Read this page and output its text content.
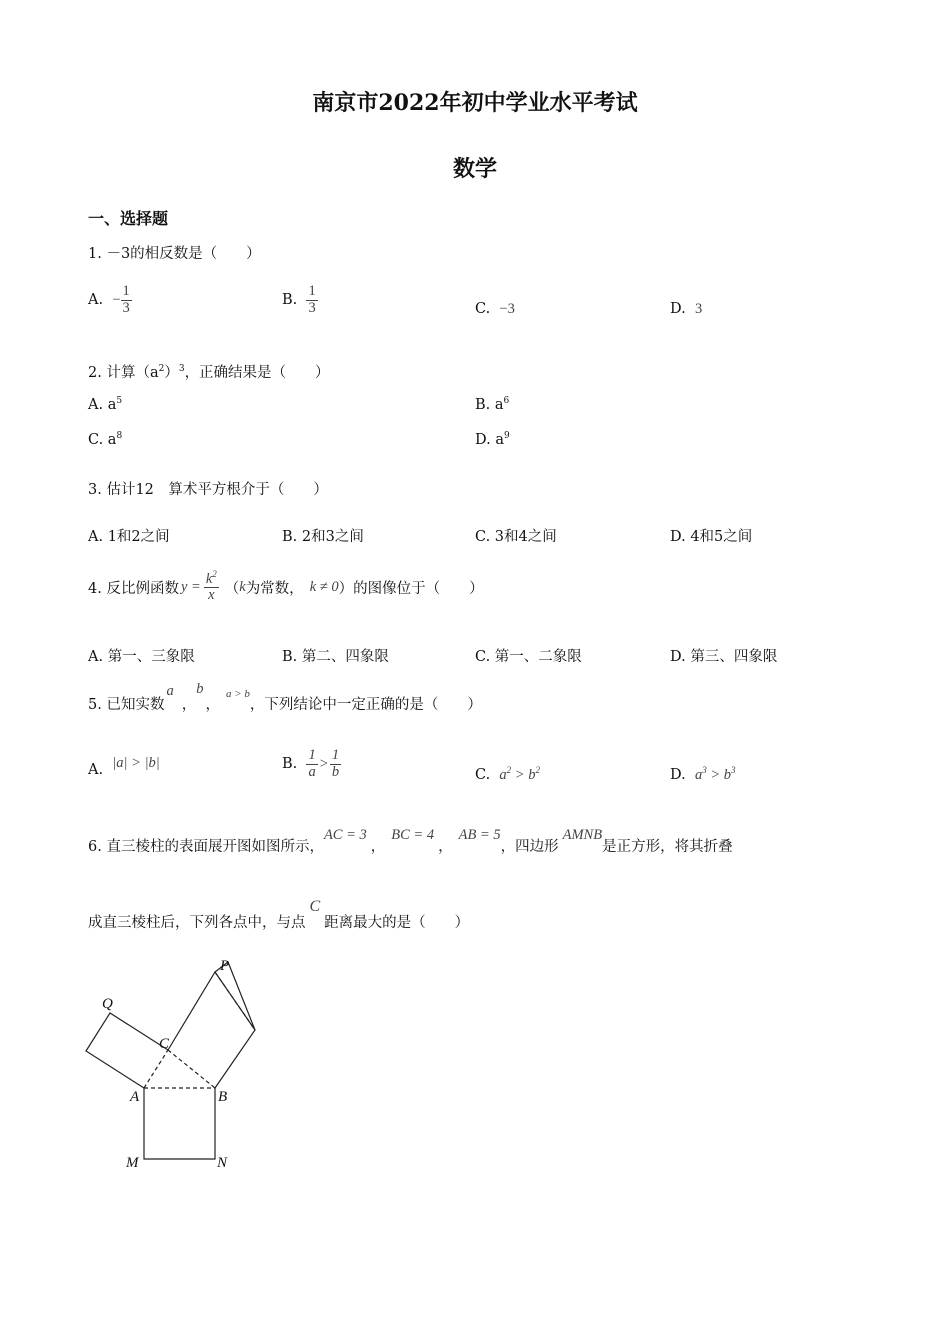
南京市2022年初中学业水平考试
数学
一、选择题
1. －3的相反数是（　　）
A.
− $\frac{1}{3}$	B.
$\frac{1}{3}$	C. −3	D. 3
2. 计算$(a^2)^3$，正确结果是（　　）
A. $a^5$	B. $a^6$
C. $a^8$	D. $a^9$
3. 估计12　算术平方根介于（　　）
A. 1和2之间	B. 2和3之间	C. 3和4之间	D. 4和5之间
4. 反比例函数 $y = \frac{k^2}{x}$ （ k 为常数， k ≠ 0 ）的图像位于（　　）
A. 第一、三象限	B. 第二、四象限	C. 第一、二象限	D. 第三、四象限
5. 已知实数
a
，
b
，
a > b
，下列结论中一定正确的是（　　）
A.
|a| > |b|	B.
$\frac{1}{a} > \frac{1}{b}$	C. $a^2 > b^2$	D. $a^3 > b^3$
6. 直三棱柱的表面展开图如图所示，
AC = 3
，
BC = 4
，
AB = 5
，四边形
AMNB
是正方形，将其折叠
成直三棱柱后，下列各点中，与点
C
距离最大的是（　　）
P
Q
C
A	B
M	N
